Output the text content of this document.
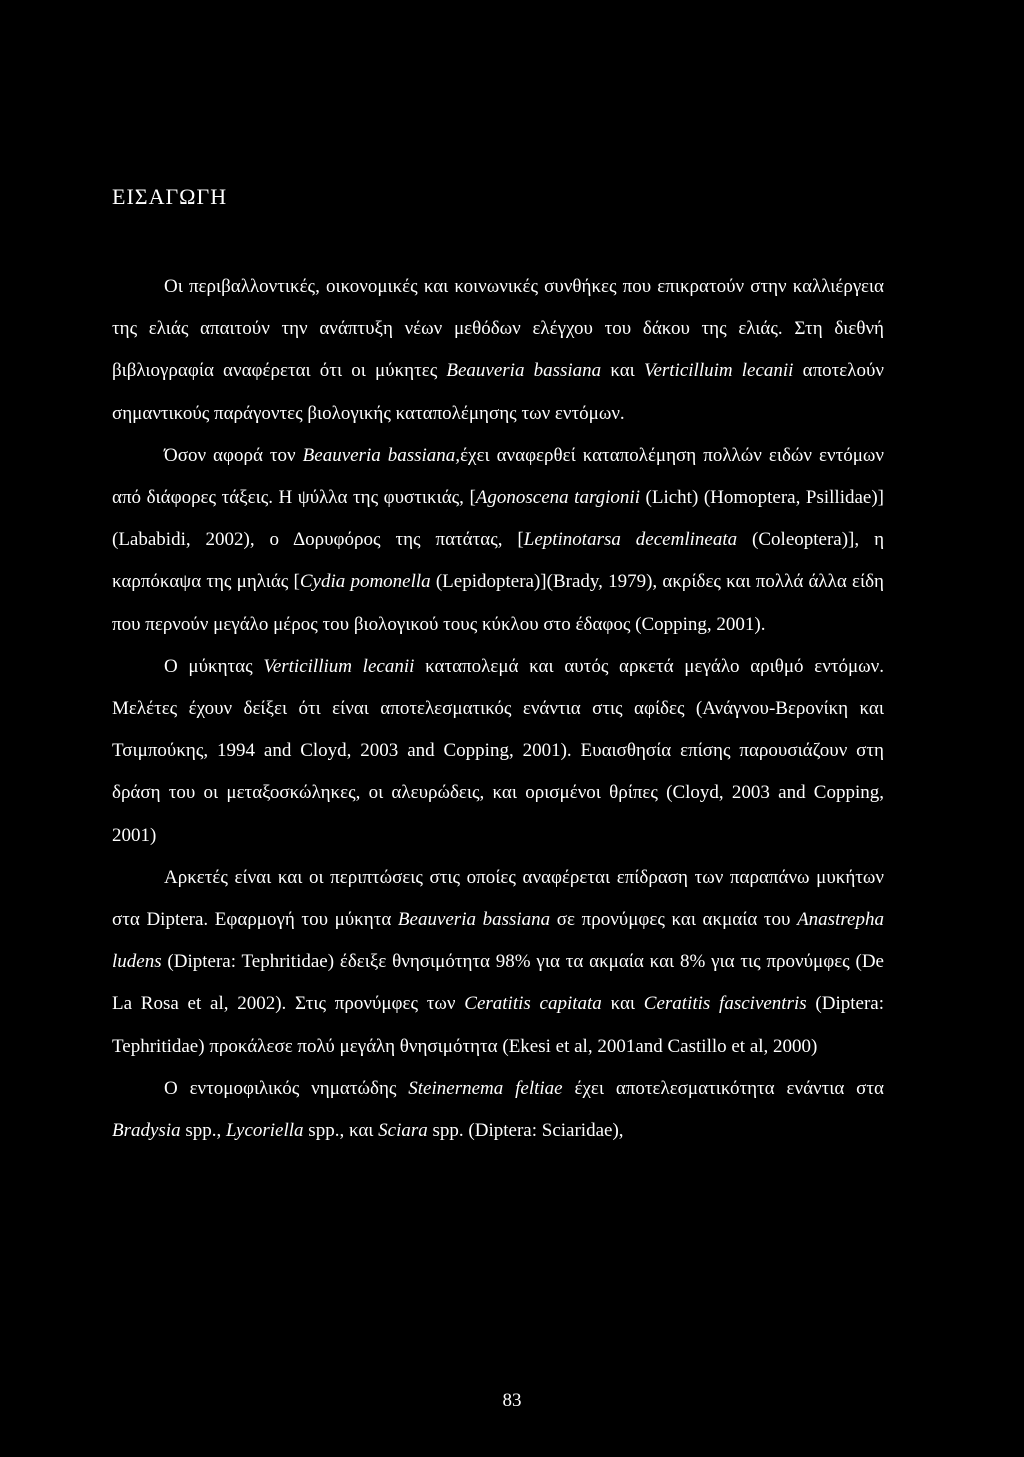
ΕΙΣΑΓΩΓΗ

Οι περιβαλλοντικές, οικονομικές και κοινωνικές συνθήκες που επικρατούν στην καλλιέργεια της ελιάς απαιτούν την ανάπτυξη νέων μεθόδων ελέγχου του δάκου της ελιάς. Στη διεθνή βιβλιογραφία αναφέρεται ότι οι μύκητες Beauveria bassiana και Verticilluim lecanii αποτελούν σημαντικούς παράγοντες βιολογικής καταπολέμησης των εντόμων.

Όσον αφορά τον Beauveria bassiana,έχει αναφερθεί καταπολέμηση πολλών ειδών εντόμων από διάφορες τάξεις. Η ψύλλα της φυστικιάς, [Agonoscena targionii (Licht) (Homoptera, Psillidae)](Lababidi, 2002), ο Δορυφόρος της πατάτας, [Leptinotarsa decemlineata (Coleoptera)], η καρπόκαψα της μηλιάς [Cydia pomonella (Lepidoptera)](Brady, 1979), ακρίδες και πολλά άλλα είδη που περνούν μεγάλο μέρος του βιολογικού τους κύκλου στο έδαφος (Copping, 2001).

Ο μύκητας Verticillium lecanii καταπολεμά και αυτός αρκετά μεγάλο αριθμό εντόμων. Μελέτες έχουν δείξει ότι είναι αποτελεσματικός ενάντια στις αφίδες (Ανάγνου-Βερονίκη και Τσιμπούκης, 1994 and Cloyd, 2003 and Copping, 2001). Ευαισθησία επίσης παρουσιάζουν στη δράση του οι μεταξοσκώληκες, οι αλευρώδεις, και ορισμένοι θρίπες (Cloyd, 2003 and Copping, 2001)

Αρκετές είναι και οι περιπτώσεις στις οποίες αναφέρεται επίδραση των παραπάνω μυκήτων στα Diptera. Εφαρμογή του μύκητα Beauveria bassiana σε προνύμφες και ακμαία του Anastrepha ludens (Diptera: Tephritidae) έδειξε θνησιμότητα 98% για τα ακμαία και 8% για τις προνύμφες (De La Rosa et al, 2002). Στις προνύμφες των Ceratitis capitata και Ceratitis fasciventris (Diptera: Tephritidae) προκάλεσε πολύ μεγάλη θνησιμότητα (Ekesi et al, 2001and Castillo et al, 2000)

Ο εντομοφιλικός νηματώδης Steinernema feltiae έχει αποτελεσματικότητα ενάντια στα Bradysia spp., Lycoriella spp., και Sciara spp. (Diptera: Sciaridae),

83
